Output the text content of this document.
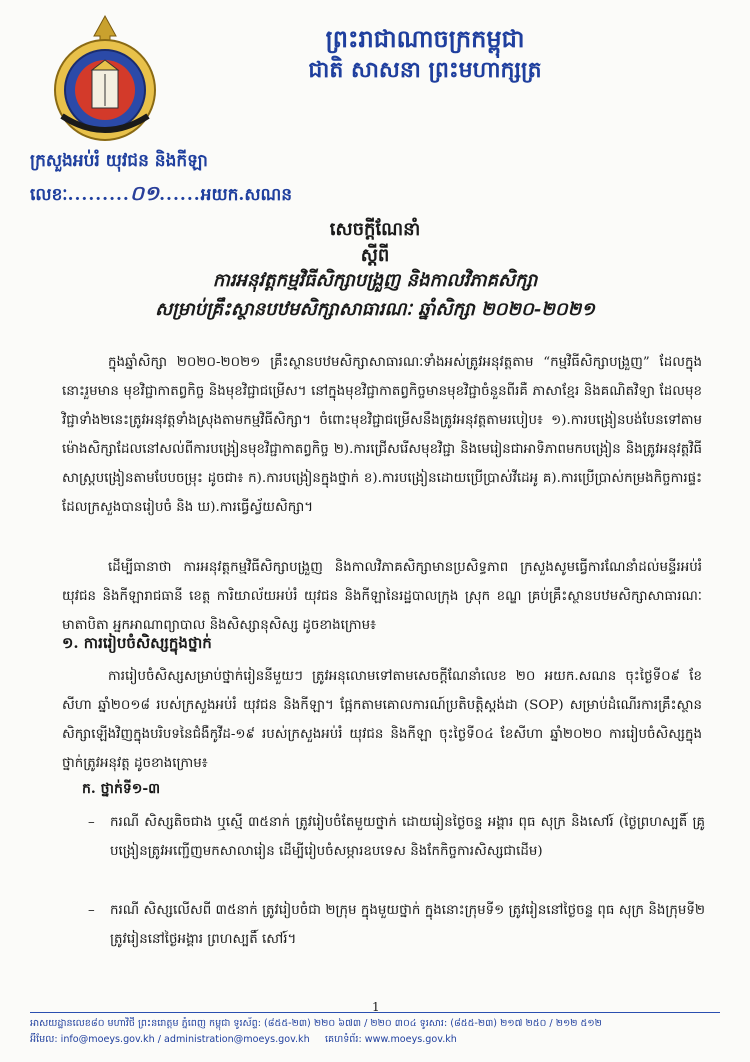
ព្រះរាជាណាចក្រកម្ពុជា
ជាតិ សាសនា ព្រះមហាក្សត្រ
ក្រសួងអប់រំ យុវជន និងកីឡា
លេខៈ.........០១......អយក.សណន
សេចក្តីណែនាំ
ស្តីពី
ការអនុវត្តកម្មវិធីសិក្សាបង្រួញ និងកាលវិភាគសិក្សា
សម្រាប់គ្រឹះស្ថានបឋមសិក្សាសាធារណៈ ឆ្នាំសិក្សា ២០២០-២០២១
ក្នុងឆ្នាំសិក្សា ២០២០-២០២១ គ្រឹះស្ថានបឋមសិក្សាសាធារណៈទាំងអស់ត្រូវអនុវត្តតាម “កម្មវិធីសិក្សាបង្រួញ” ដែលក្នុងនោះរួមមាន មុខវិជ្ជាកាតព្វកិច្ច និងមុខវិជ្ជាជម្រើស។ នៅក្នុងមុខវិជ្ជាកាតព្វកិច្ចមានមុខវិជ្ជាចំនួនពីរគឺ ភាសាខ្មែរ និងគណិតវិទ្យា ដែលមុខវិជ្ជាទាំង២នេះត្រូវអនុវត្តទាំងស្រុងតាមកម្មវិធីសិក្សា។ ចំពោះមុខវិជ្ជាជម្រើសនឹងត្រូវអនុវត្តតាមរបៀប៖ ១).ការបង្រៀនបង់បែនទៅតាមម៉ោងសិក្សាដែលនៅសល់ពីការបង្រៀនមុខវិជ្ជាកាតព្វកិច្ច ២).ការជ្រើសរើសមុខវិជ្ជា និងមេរៀនជាអាទិភាពមកបង្រៀន និងត្រូវអនុវត្តវិធីសាស្ត្របង្រៀនតាមបែបចម្រុះ ដូចជា៖ ក).ការបង្រៀនក្នុងថ្នាក់ ខ).ការបង្រៀនដោយប្រើប្រាស់វីដេអូ គ).ការប្រើប្រាស់កម្រងកិច្ចការផ្ទះ ដែលក្រសួងបានរៀបចំ និង ឃ).ការធ្វើស្វ័យសិក្សា។
ដើម្បីធានាថា ការអនុវត្តកម្មវិធីសិក្សាបង្រួញ និងកាលវិភាគសិក្សាមានប្រសិទ្ធភាព ក្រសួងសូមធ្វើការណែនាំដល់មន្ទីរអប់រំ យុវជន និងកីឡារាជធានី ខេត្ត ការិយាល័យអប់រំ យុវជន និងកីឡានៃរដ្ឋបាលក្រុង ស្រុក ខណ្ឌ គ្រប់គ្រឹះស្ថានបឋមសិក្សាសាធារណៈ មាតាបិតា អ្នកអាណាព្យាបាល និងសិស្សានុសិស្ស ដូចខាងក្រោម៖
១. ការរៀបចំសិស្សក្នុងថ្នាក់
ការរៀបចំសិស្សសម្រាប់ថ្នាក់រៀននីមួយៗ ត្រូវអនុលោមទៅតាមសេចក្តីណែនាំលេខ ២០ អយក.សណន ចុះថ្ងៃទី០៩ ខែសីហា ឆ្នាំ២០១៨ របស់ក្រសួងអប់រំ យុវជន និងកីឡា។ ផ្អែកតាមគោលការណ៍ប្រតិបត្តិស្តង់ដា (SOP) សម្រាប់ដំណើរការគ្រឹះស្ថានសិក្សាឡើងវិញក្នុងបរិបទនៃជំងឺកូវីដ-១៩ របស់ក្រសួងអប់រំ យុវជន និងកីឡា ចុះថ្ងៃទី០៤ ខែសីហា ឆ្នាំ២០២០ ការរៀបចំសិស្សក្នុងថ្នាក់ត្រូវអនុវត្ត ដូចខាងក្រោម៖
ក. ថ្នាក់ទី១-៣
– ករណី សិស្សតិចជាង ឬស្មើ ៣៥នាក់ ត្រូវរៀបចំតែមួយថ្នាក់ ដោយរៀនថ្ងៃចន្ទ អង្គារ ពុធ សុក្រ និងសៅរ៍ (ថ្ងៃព្រហស្បតិ៍ គ្រូបង្រៀនត្រូវអញ្ជើញមកសាលារៀន ដើម្បីរៀបចំសម្ភារឧបទេស និងកែកិច្ចការសិស្សជាដើម)
– ករណី សិស្សលើសពី ៣៥នាក់ ត្រូវរៀបចំជា ២ក្រុម ក្នុងមួយថ្នាក់ ក្នុងនោះក្រុមទី១ ត្រូវរៀននៅថ្ងៃចន្ទ ពុធ សុក្រ និងក្រុមទី២ ត្រូវរៀននៅថ្ងៃអង្គារ ព្រហស្បតិ៍ សៅរ៍។
1
អាសយដ្ឋានលេខ៨០ មហាវិថី ព្រះនរោត្តម ភ្នំពេញ កម្ពុជា ទូរស័ព្ទ: (៨៥៥-២៣) ២២០ ៦៧៣ / ២២០ ៣០៤ ទូរសារ: (៨៥៥-២៣) ២១៧ ២៥០ / ២១២ ៥១២
អ៊ីមែល: info@moeys.gov.kh / administration@moeys.gov.kh គេហទំព័រ: www.moeys.gov.kh
